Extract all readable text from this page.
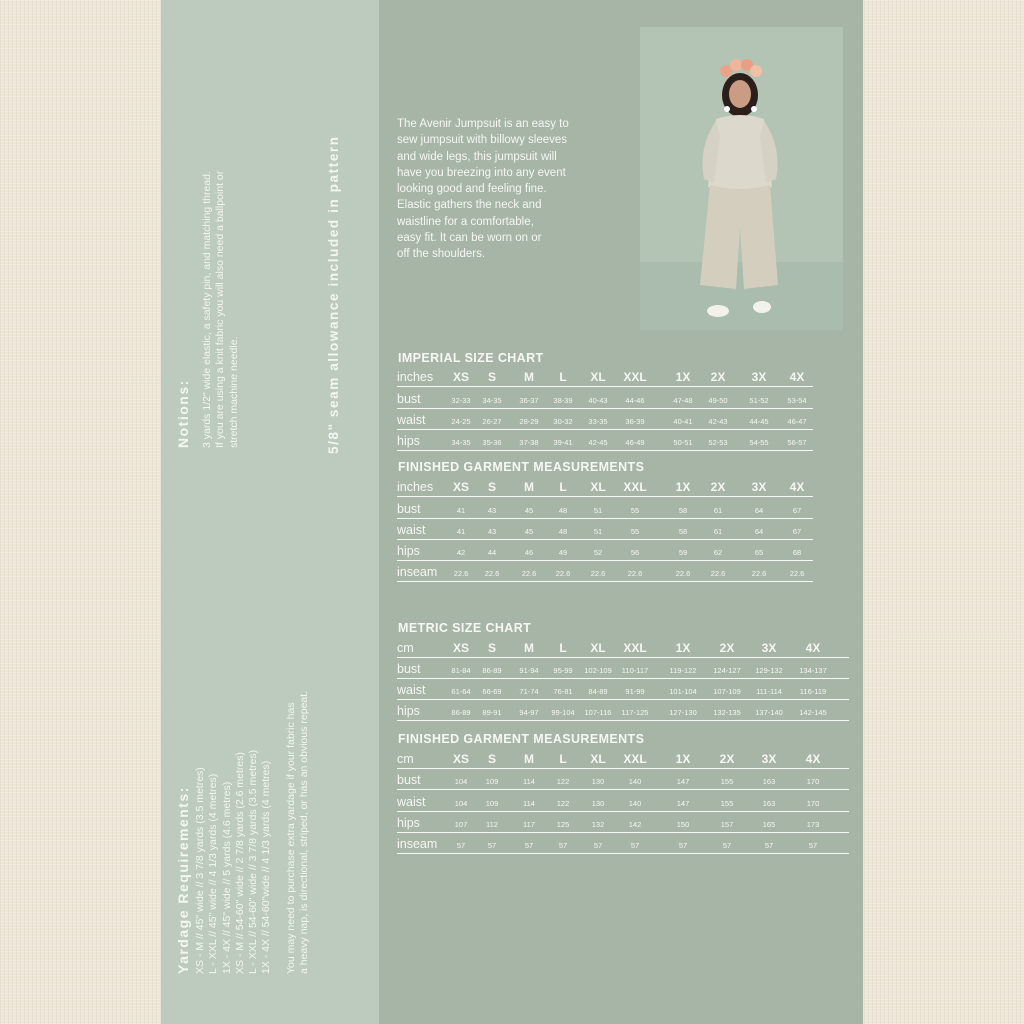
Yardage Requirements: XS - M // 45" wide // 3 7/8 yards (3.5 metres) L - XXL // 45" wide // 4 1/3 yards (4 metres) 1X - 4X // 45" wide // 5 yards (4.6 metres) XS - M // 54-60" wide // 2 7/8 yards (2.6 metres) L - XXL // 54-60" wide // 3 7/8 yards (3.5 metres) 1X - 4X // 54-60"wide // 4 1/3 yards (4 metres) You may need to purchase extra yardage if your fabric has a heavy nap, is directional, striped, or has an obvious repeat.
Notions: 3 yards 1/2" wide elastic, a safety pin, and matching thread. If you are using a knit fabric you will also need a ballpoint or stretch machine needle.	5/8" seam allowance included in pattern
The Avenir Jumpsuit is an easy to
sew jumpsuit with billowy sleeves
and wide legs, this jumpsuit will
have you breezing into any event
looking good and feeling fine.
Elastic gathers the neck and
waistline for a comfortable,
easy fit. It can be worn on or
off the shoulders.
IMPERIAL SIZE CHART
inches XS S M L XL XXL 1X 2X 3X 4X
bust	32-33 34-35 36-37 38-39 40-43 44-46	47-48 49-50	51-52	53-54
waist	24-25 26-27 28-29 30-32 33-35 36-39	40-41 42-43	44-45	46-47
hips	34-35 35-36 37-38 39-41 42-45 46-49	50-51 52-53	54-55	56-57
FINISHED GARMENT MEASUREMENTS
inches XS S M L XL XXL 1X 2X 3X 4X
bust	41	43	45	48	51	55	58	61	64	67
waist	41	43	45	48	51	55	58	61	64	67
hips	42	44	46	49	52	56	59	62	65	68
inseam 22.6 22.6	22.6	22.6	22.6	22.6	22.6	22.6	22.6	22.6
METRIC SIZE CHART
cm	XS S M L XL XXL 1X 2X 3X 4X
bust	81-84 86-89 91-94 95-99 102-109 110-117	119-122 124-127 129-132 134-137
waist	61-64 66-69 71-74 76-81 84-89 91-99	101-104 107-109 111-114 116-119
hips	86-89 89-91 94-97 99-104 107-116 117-125	127-130 132-135 137-140 142-145
FINISHED GARMENT MEASUREMENTS
cm	XS S M L XL XXL 1X 2X 3X 4X
bust	104 109	114	122	130	140	147	155	163	170
waist	104 109	114	122	130	140	147	155	163	170
hips	107	112	117	125	132	142	150	157	165	173
inseam	57	57	57	57	57	57	57	57	57	57
